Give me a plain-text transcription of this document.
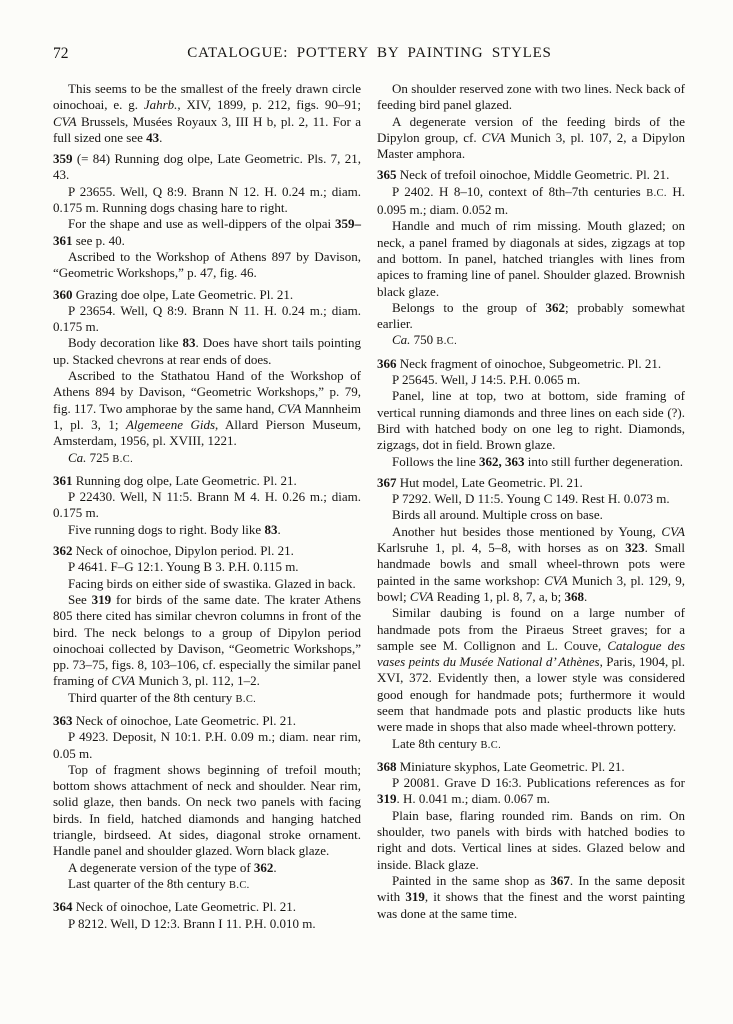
72	CATALOGUE: POTTERY BY PAINTING STYLES

This seems to be the smallest of the freely drawn circle oinochoai, e. g. Jahrb., XIV, 1899, p. 212, figs. 90–91; CVA Brussels, Musées Royaux 3, III H b, pl. 2, 11. For a full sized one see 43.

359 (= 84) Running dog olpe, Late Geometric. Pls. 7, 21, 43.

P 23655. Well, Q 8:9. Brann N 12. H. 0.24 m.; diam. 0.175 m. Running dogs chasing hare to right.

For the shape and use as well-dippers of the olpai 359–361 see p. 40.

Ascribed to the Workshop of Athens 897 by Davison, “Geometric Workshops,” p. 47, fig. 46.

360 Grazing doe olpe, Late Geometric. Pl. 21.

P 23654. Well, Q 8:9. Brann N 11. H. 0.24 m.; diam. 0.175 m.

Body decoration like 83. Does have short tails pointing up. Stacked chevrons at rear ends of does.

Ascribed to the Stathatou Hand of the Workshop of Athens 894 by Davison, “Geometric Workshops,” p. 79, fig. 117. Two amphorae by the same hand, CVA Mannheim 1, pl. 3, 1; Algemeene Gids, Allard Pierson Museum, Amsterdam, 1956, pl. XVIII, 1221.

Ca. 725 B.C.

361 Running dog olpe, Late Geometric. Pl. 21.

P 22430. Well, N 11:5. Brann M 4. H. 0.26 m.; diam. 0.175 m.

Five running dogs to right. Body like 83.

362 Neck of oinochoe, Dipylon period. Pl. 21.

P 4641. F–G 12:1. Young B 3. P.H. 0.115 m.

Facing birds on either side of swastika. Glazed in back.

See 319 for birds of the same date. The krater Athens 805 there cited has similar chevron columns in front of the bird. The neck belongs to a group of Dipylon period oinochoai collected by Davison, “Geometric Workshops,” pp. 73–75, figs. 8, 103–106, cf. especially the similar panel framing of CVA Munich 3, pl. 112, 1–2.

Third quarter of the 8th century B.C.

363 Neck of oinochoe, Late Geometric. Pl. 21.

P 4923. Deposit, N 10:1. P.H. 0.09 m.; diam. near rim, 0.05 m.

Top of fragment shows beginning of trefoil mouth; bottom shows attachment of neck and shoulder. Near rim, solid glaze, then bands. On neck two panels with facing birds. In field, hatched diamonds and hanging hatched triangle, birdseed. At sides, diagonal stroke ornament. Handle panel and shoulder glazed. Worn black glaze.

A degenerate version of the type of 362.

Last quarter of the 8th century B.C.

364 Neck of oinochoe, Late Geometric. Pl. 21.

P 8212. Well, D 12:3. Brann I 11. P.H. 0.010 m.

On shoulder reserved zone with two lines. Neck back of feeding bird panel glazed.

A degenerate version of the feeding birds of the Dipylon group, cf. CVA Munich 3, pl. 107, 2, a Dipylon Master amphora.

365 Neck of trefoil oinochoe, Middle Geometric. Pl. 21.

P 2402. H 8–10, context of 8th–7th centuries B.C. H. 0.095 m.; diam. 0.052 m.

Handle and much of rim missing. Mouth glazed; on neck, a panel framed by diagonals at sides, zigzags at top and bottom. In panel, hatched triangles with lines from apices to framing line of panel. Shoulder glazed. Brownish black glaze.

Belongs to the group of 362; probably somewhat earlier.

Ca. 750 B.C.

366 Neck fragment of oinochoe, Subgeometric. Pl. 21.

P 25645. Well, J 14:5. P.H. 0.065 m.

Panel, line at top, two at bottom, side framing of vertical running diamonds and three lines on each side (?). Bird with hatched body on one leg to right. Diamonds, zigzags, dot in field. Brown glaze.

Follows the line 362, 363 into still further degeneration.

367 Hut model, Late Geometric. Pl. 21.

P 7292. Well, D 11:5. Young C 149. Rest H. 0.073 m.

Birds all around. Multiple cross on base.

Another hut besides those mentioned by Young, CVA Karlsruhe 1, pl. 4, 5–8, with horses as on 323. Small handmade bowls and small wheel-thrown pots were painted in the same workshop: CVA Munich 3, pl. 129, 9, bowl; CVA Reading 1, pl. 8, 7, a, b; 368.

Similar daubing is found on a large number of handmade pots from the Piraeus Street graves; for a sample see M. Collignon and L. Couve, Catalogue des vases peints du Musée National d’ Athènes, Paris, 1904, pl. XVI, 372. Evidently then, a lower style was considered good enough for handmade pots; furthermore it would seem that handmade pots and plastic products like huts were made in shops that also made wheel-thrown pottery.

Late 8th century B.C.

368 Miniature skyphos, Late Geometric. Pl. 21.

P 20081. Grave D 16:3. Publications references as for 319. H. 0.041 m.; diam. 0.067 m.

Plain base, flaring rounded rim. Bands on rim. On shoulder, two panels with birds with hatched bodies to right and dots. Vertical lines at sides. Glazed below and inside. Black glaze.

Painted in the same shop as 367. In the same deposit with 319, it shows that the finest and the worst painting was done at the same time.
